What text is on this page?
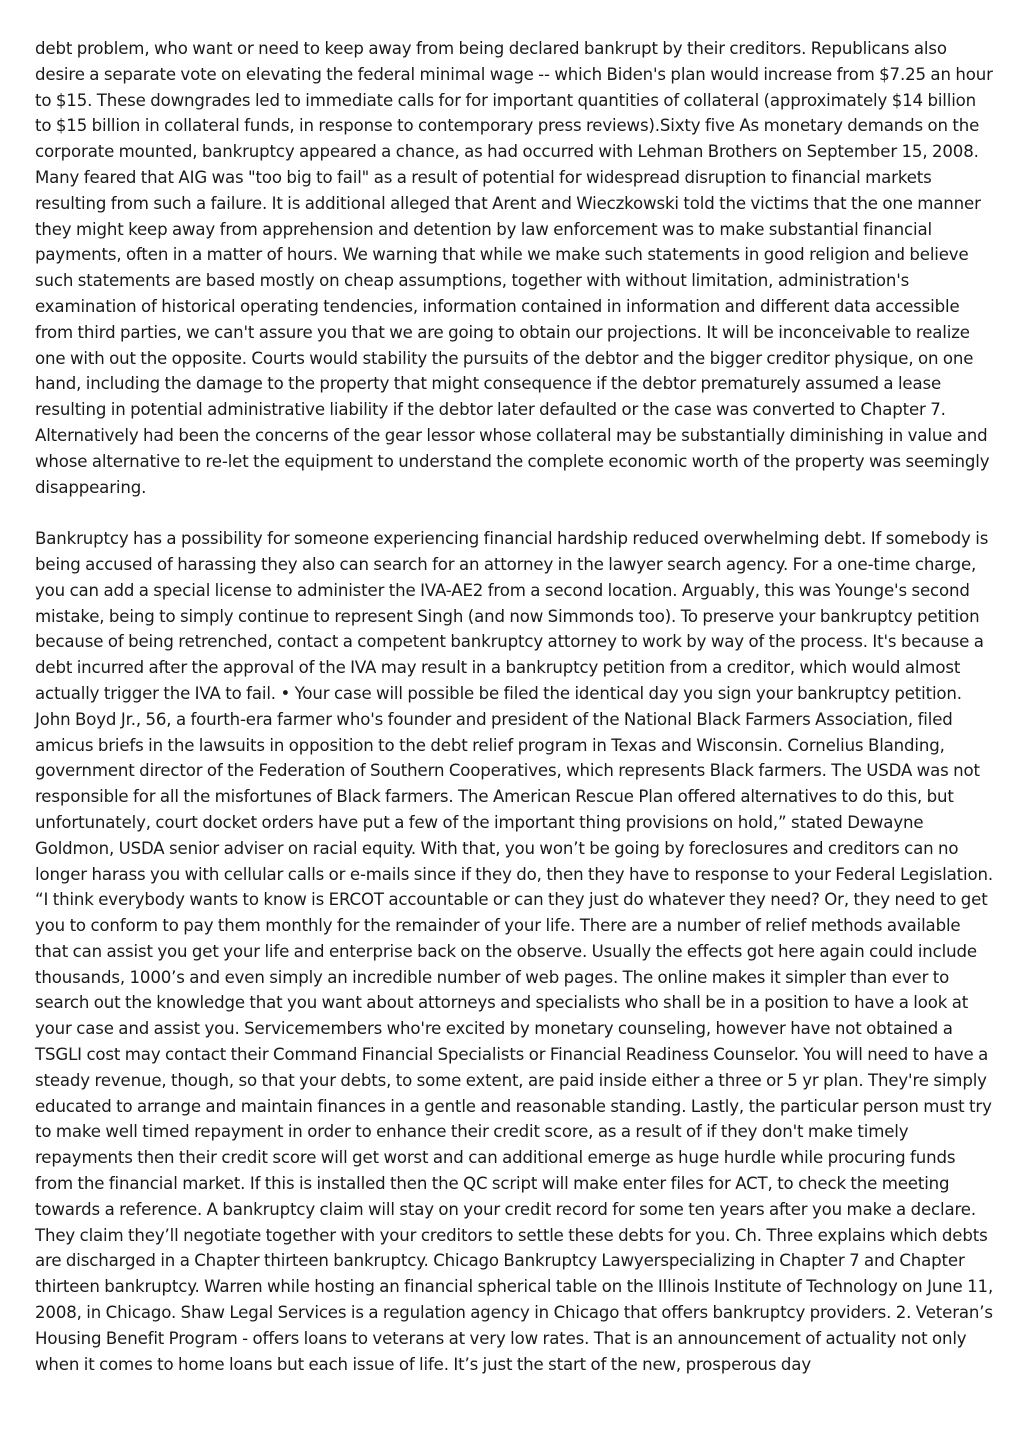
debt problem, who want or need to keep away from being declared bankrupt by their creditors. Republicans also desire a separate vote on elevating the federal minimal wage -- which Biden's plan would increase from $7.25 an hour to $15. These downgrades led to immediate calls for for important quantities of collateral (approximately $14 billion to $15 billion in collateral funds, in response to contemporary press reviews).Sixty five As monetary demands on the corporate mounted, bankruptcy appeared a chance, as had occurred with Lehman Brothers on September 15, 2008. Many feared that AIG was "too big to fail" as a result of potential for widespread disruption to financial markets resulting from such a failure. It is additional alleged that Arent and Wieczkowski told the victims that the one manner they might keep away from apprehension and detention by law enforcement was to make substantial financial payments, often in a matter of hours. We warning that while we make such statements in good religion and believe such statements are based mostly on cheap assumptions, together with without limitation, administration's examination of historical operating tendencies, information contained in information and different data accessible from third parties, we can't assure you that we are going to obtain our projections. It will be inconceivable to realize one with out the opposite. Courts would stability the pursuits of the debtor and the bigger creditor physique, on one hand, including the damage to the property that might consequence if the debtor prematurely assumed a lease resulting in potential administrative liability if the debtor later defaulted or the case was converted to Chapter 7. Alternatively had been the concerns of the gear lessor whose collateral may be substantially diminishing in value and whose alternative to re-let the equipment to understand the complete economic worth of the property was seemingly disappearing.

Bankruptcy has a possibility for someone experiencing financial hardship reduced overwhelming debt. If somebody is being accused of harassing they also can search for an attorney in the lawyer search agency. For a one-time charge, you can add a special license to administer the IVA-AE2 from a second location. Arguably, this was Younge's second mistake, being to simply continue to represent Singh (and now Simmonds too). To preserve your bankruptcy petition because of being retrenched, contact a competent bankruptcy attorney to work by way of the process. It's because a debt incurred after the approval of the IVA may result in a bankruptcy petition from a creditor, which would almost actually trigger the IVA to fail. • Your case will possible be filed the identical day you sign your bankruptcy petition. John Boyd Jr., 56, a fourth-era farmer who's founder and president of the National Black Farmers Association, filed amicus briefs in the lawsuits in opposition to the debt relief program in Texas and Wisconsin. Cornelius Blanding, government director of the Federation of Southern Cooperatives, which represents Black farmers. The USDA was not responsible for all the misfortunes of Black farmers. The American Rescue Plan offered alternatives to do this, but unfortunately, court docket orders have put a few of the important thing provisions on hold,” stated Dewayne Goldmon, USDA senior adviser on racial equity. With that, you won’t be going by foreclosures and creditors can no longer harass you with cellular calls or e-mails since if they do, then they have to response to your Federal Legislation. “I think everybody wants to know is ERCOT accountable or can they just do whatever they need? Or, they need to get you to conform to pay them monthly for the remainder of your life. There are a number of relief methods available that can assist you get your life and enterprise back on the observe. Usually the effects got here again could include thousands, 1000’s and even simply an incredible number of web pages. The online makes it simpler than ever to search out the knowledge that you want about attorneys and specialists who shall be in a position to have a look at your case and assist you. Servicemembers who're excited by monetary counseling, however have not obtained a TSGLI cost may contact their Command Financial Specialists or Financial Readiness Counselor. You will need to have a steady revenue, though, so that your debts, to some extent, are paid inside either a three or 5 yr plan. They're simply educated to arrange and maintain finances in a gentle and reasonable standing. Lastly, the particular person must try to make well timed repayment in order to enhance their credit score, as a result of if they don't make timely repayments then their credit score will get worst and can additional emerge as huge hurdle while procuring funds from the financial market. If this is installed then the QC script will make enter files for ACT, to check the meeting towards a reference. A bankruptcy claim will stay on your credit record for some ten years after you make a declare. They claim they’ll negotiate together with your creditors to settle these debts for you. Ch. Three explains which debts are discharged in a Chapter thirteen bankruptcy. Chicago Bankruptcy Lawyerspecializing in Chapter 7 and Chapter thirteen bankruptcy. Warren while hosting an financial spherical table on the Illinois Institute of Technology on June 11, 2008, in Chicago. Shaw Legal Services is a regulation agency in Chicago that offers bankruptcy providers. 2. Veteran’s Housing Benefit Program - offers loans to veterans at very low rates. That is an announcement of actuality not only when it comes to home loans but each issue of life. It’s just the start of the new, prosperous day
